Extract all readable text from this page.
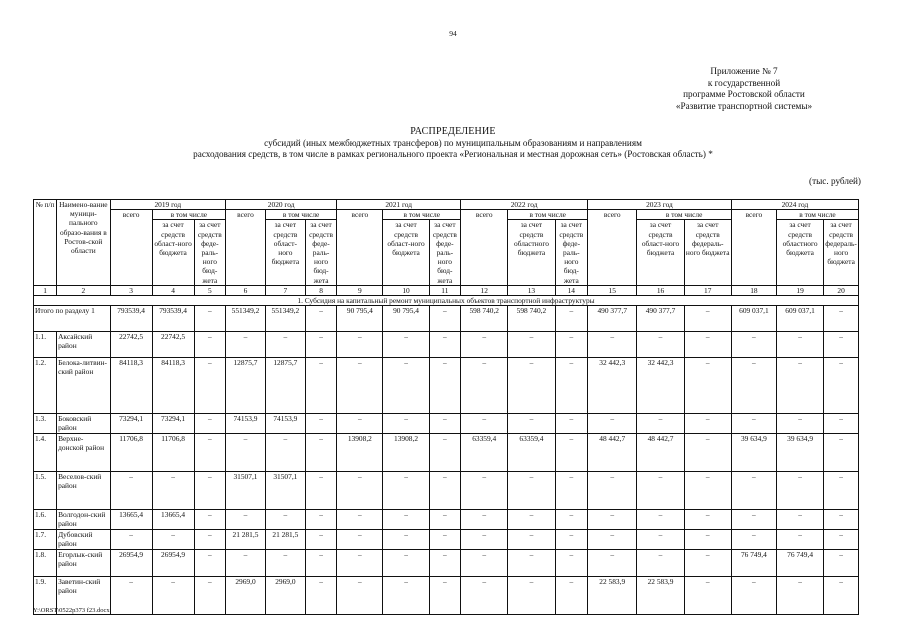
94
Приложение № 7
к государственной
программе Ростовской области
«Развитие транспортной системы»
РАСПРЕДЕЛЕНИЕ
субсидий (иных межбюджетных трансферов) по муниципальным образованиям и направлениям
расходования средств, в том числе в рамках регионального проекта «Региональная и местная дорожная сеть» (Ростовская область) *
(тыс. рублей)
№ п/п	Наимено-вание муници-пального образо-вания в Ростов-ской области	2019 год			2020 год			2021 год			2022 год			2023 год			2024 год		
		всего	в том числе		всего	в том числе		всего	в том числе		всего	в том числе		всего	в том числе		всего	в том числе	
			за счет средств област-ного бюджета	за счет средств феде-раль-ного бюд-жета		за счет средств област-ного бюджета	за счет средств феде-раль-ного бюд-жета		за счет средств област-ного бюджета	за счет средств феде-раль-ного бюд-жета		за счет средств областного бюджета	за счет средств феде-раль-ного бюд-жета		за счет средств област-ного бюджета	за счет средств федераль-ного бюджета		за счет средств областного бюджета	за счет средств федераль-ного бюджета
1	2	3	4	5	6	7	8	9	10	11	12	13	14	15	16	17	18	19	20
1. Субсидия на капитальный ремонт муниципальных объектов транспортной инфраструктуры																			
Итого по разделу 1		793539,4	793539,4	–	551349,2	551349,2	–	90 795,4	90 795,4	–	598 740,2	598 740,2	–	490 377,7	490 377,7	–	609 037,1	609 037,1	–
1.1.	Аксайский район	22742,5	22742,5	–	–	–	–	–	–	–	–	–	–	–	–	–	–	–	–
1.2.	Белока-литвин-ский район	84118,3	84118,3	–	12875,7	12875,7	–	–	–	–	–	–	–	32 442,3	32 442,3	–	–	–	–
1.3.	Боковский район	73294,1	73294,1	–	74153,9	74153,9	–	–	–	–	–	–	–	–	–	–	–	–	–
1.4.	Верхне-донской район	11706,8	11706,8	–	–	–	–	13908,2	13908,2	–	63359,4	63359,4	–	48 442,7	48 442,7	–	39 634,9	39 634,9	–
1.5.	Веселов-ский район	–	–	–	31507,1	31507,1	–	–	–	–	–	–	–	–	–	–	–	–	–
1.6.	Волгодон-ский район	13665,4	13665,4	–	–	–	–	–	–	–	–	–	–	–	–	–	–	–	–
1.7.	Дубовский район	–	–	–	21 281,5	21 281,5	–	–	–	–	–	–	–	–	–	–	–	–	–
1.8.	Егорлык-ский район	26954,9	26954,9	–	–	–	–	–	–	–	–	–	–	–	–	–	76 749,4	76 749,4	–
1.9.	Заветин-ский район	–	–	–	2969,0	2969,0	–	–	–	–	–	–	–	22 583,9	22 583,9	–	–	–	–
Y:\ORST\0522p373 f23.docx
